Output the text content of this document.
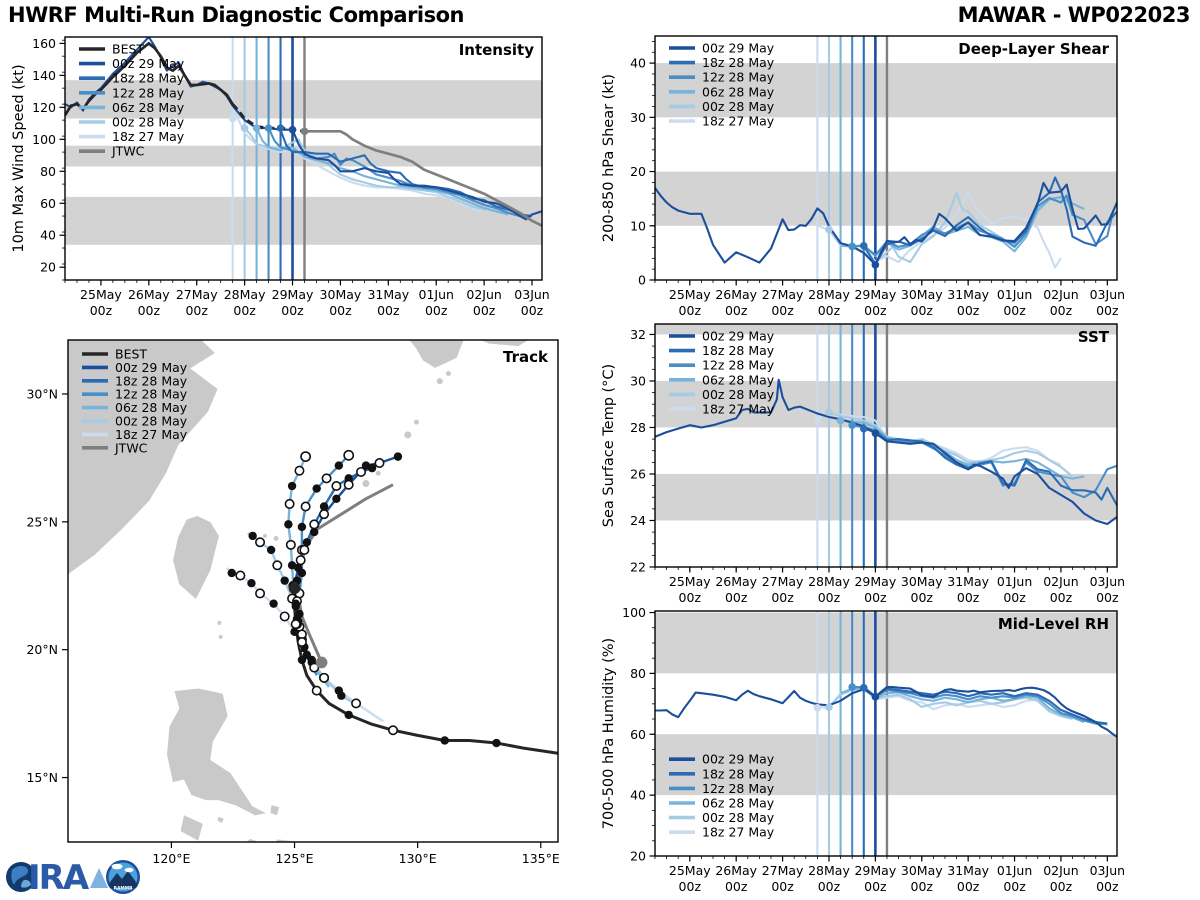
HWRF Multi-Run Diagnostic Comparison	MAWAR - WP022023
20
40
60
80
100
120
140
160
25May
00z
26May
00z
27May
00z
28May
00z
29May
00z
30May
00z
31May
00z
01Jun
00z
02Jun
00z
03Jun
00z
10m Max Wind Speed (kt)
Intensity
BEST
00z 29 May
18z 28 May
12z 28 May
06z 28 May
00z 28 May
18z 27 May
JTWC
0
10
20
30
40
25May
00z
26May
00z
27May
00z
28May
00z
29May
00z
30May
00z
31May
00z
01Jun
00z
02Jun
00z
03Jun
00z
200-850 hPa Shear (kt)
Deep-Layer Shear
00z 29 May
18z 28 May
12z 28 May
06z 28 May
00z 28 May
18z 27 May
22
24
26
28
30
32
25May
00z
26May
00z
27May
00z
28May
00z
29May
00z
30May
00z
31May
00z
01Jun
00z
02Jun
00z
03Jun
00z
Sea Surface Temp (°C)
SST
00z 29 May
18z 28 May
12z 28 May
06z 28 May
00z 28 May
18z 27 May
20
40
60
80
100
25May
00z
26May
00z
27May
00z
28May
00z
29May
00z
30May
00z
31May
00z
01Jun
00z
02Jun
00z
03Jun
00z
700-500 hPa Humidity (%)
Mid-Level RH
00z 29 May
18z 28 May
12z 28 May
06z 28 May
00z 28 May
18z 27 May
15°N
20°N
25°N
30°N
120°E	125°E	130°E	135°E
Track
BEST
00z 29 May
18z 28 May
12z 28 May
06z 28 May
00z 28 May
18z 27 May
JTWC
IRA	RAMMB
